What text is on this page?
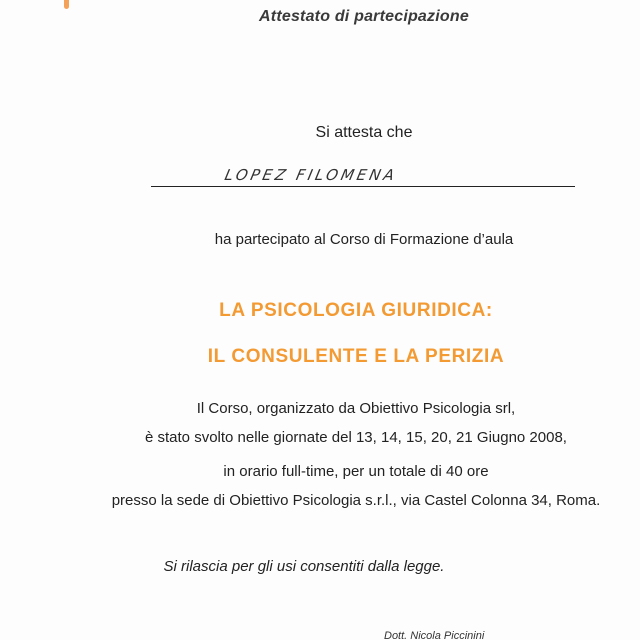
Attestato di partecipazione
Si attesta che
LOPEZ FILOMENA
ha partecipato al Corso di Formazione d’aula
LA PSICOLOGIA GIURIDICA:
IL CONSULENTE E LA PERIZIA
Il Corso, organizzato da Obiettivo Psicologia srl,
è stato svolto nelle giornate del 13, 14, 15, 20, 21 Giugno 2008,
in orario full-time, per un totale di 40 ore
presso la sede di Obiettivo Psicologia s.r.l., via Castel Colonna 34, Roma.
Si rilascia per gli usi consentiti dalla legge.
Dott. Nicola Piccinini
